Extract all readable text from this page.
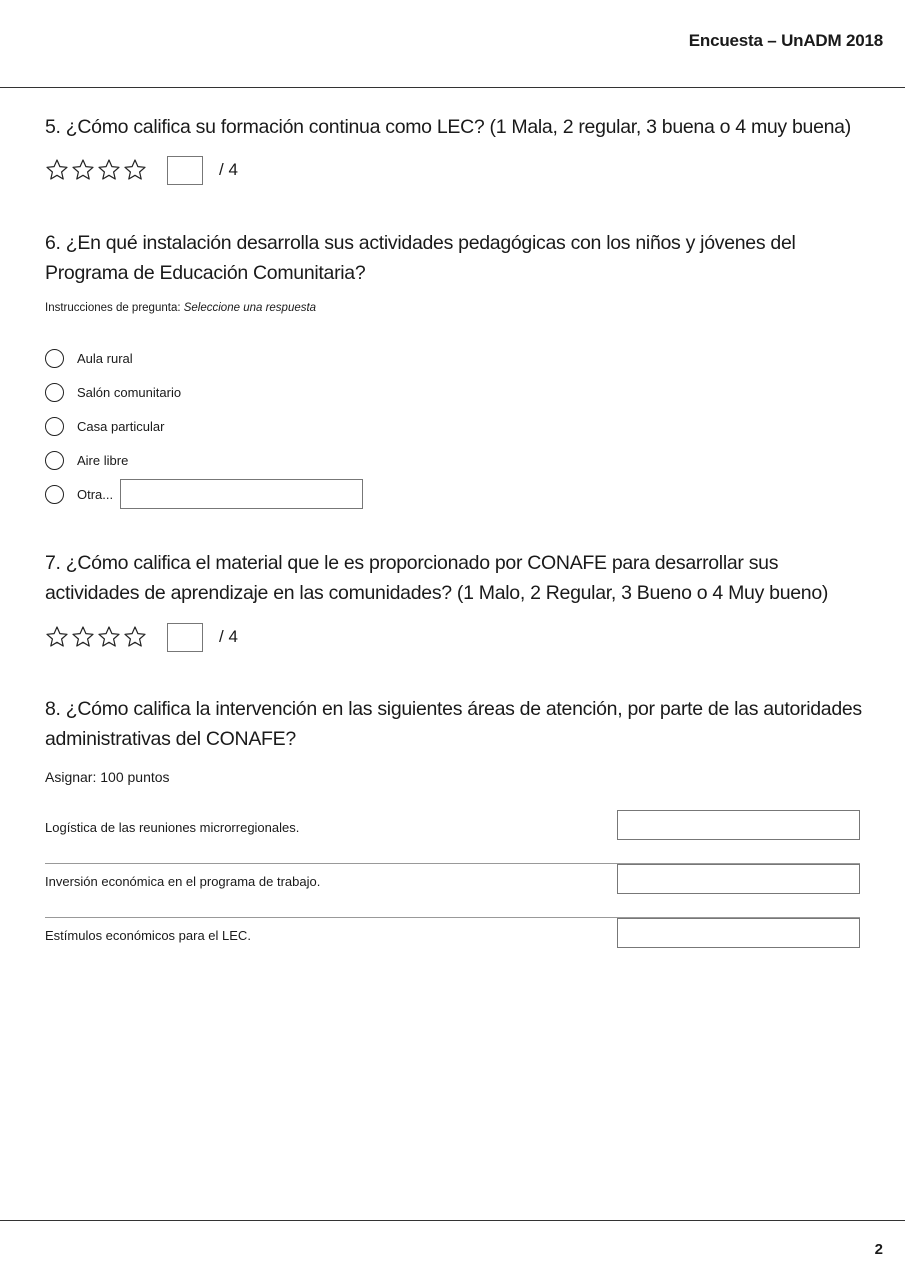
Encuesta – UnADM 2018
5. ¿Cómo califica su formación continua como LEC? (1 Mala, 2 regular, 3 buena o 4 muy buena)
/ 4
6. ¿En qué instalación desarrolla sus actividades pedagógicas con los niños y jóvenes del Programa de Educación Comunitaria?
Instrucciones de pregunta: Seleccione una respuesta
Aula rural
Salón comunitario
Casa particular
Aire libre
Otra...
7. ¿Cómo califica el material que le es proporcionado por CONAFE para desarrollar sus actividades de aprendizaje en las comunidades? (1 Malo, 2 Regular, 3 Bueno o 4 Muy bueno)
/ 4
8. ¿Cómo califica la intervención en las siguientes áreas de atención, por parte de las autoridades administrativas del CONAFE?
Asignar: 100 puntos
Logística de las reuniones microrregionales.
Inversión económica en el programa de trabajo.
Estímulos económicos para el LEC.
2
